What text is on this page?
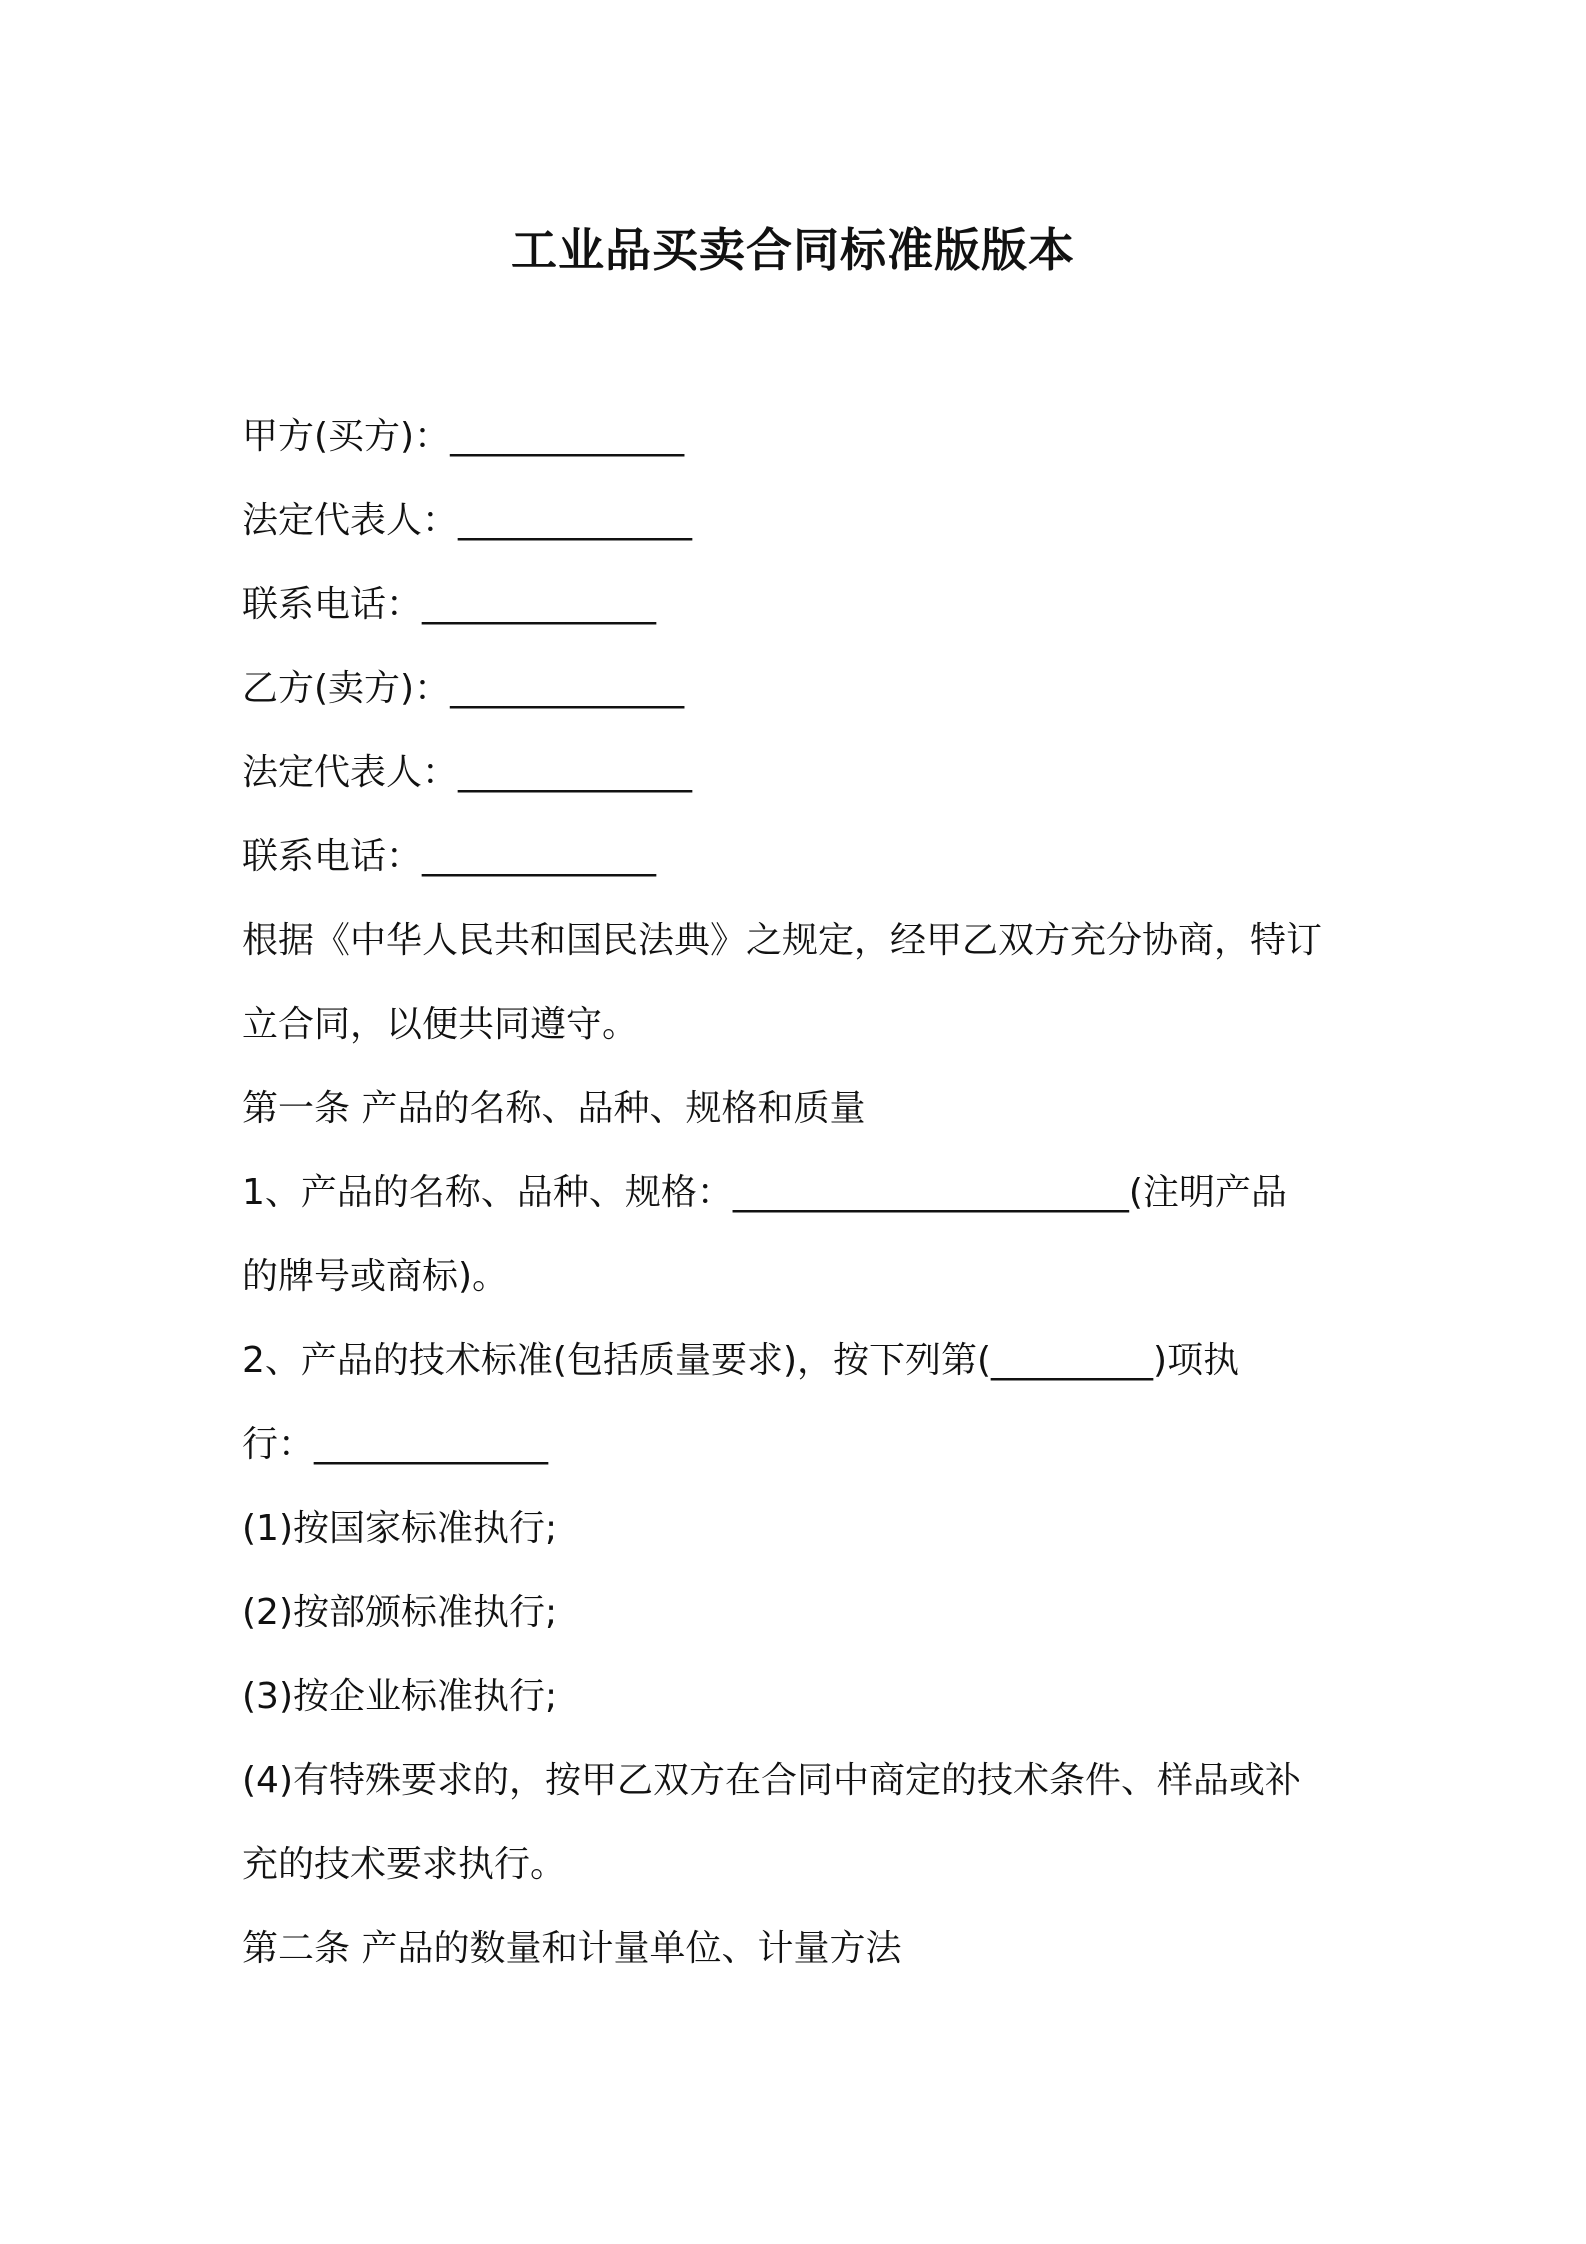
工业品买卖合同标准版版本
甲方(买方)：_____________
法定代表人：_____________
联系电话：_____________
乙方(卖方)：_____________
法定代表人：_____________
联系电话：_____________
根据《中华人民共和国民法典》之规定，经甲乙双方充分协商，特订
立合同，以便共同遵守。
第一条 产品的名称、品种、规格和质量
1、产品的名称、品种、规格：______________________(注明产品
的牌号或商标)。
2、产品的技术标准(包括质量要求)，按下列第(_________)项执
行：_____________
(1)按国家标准执行;
(2)按部颁标准执行;
(3)按企业标准执行;
(4)有特殊要求的，按甲乙双方在合同中商定的技术条件、样品或补
充的技术要求执行。
第二条 产品的数量和计量单位、计量方法
